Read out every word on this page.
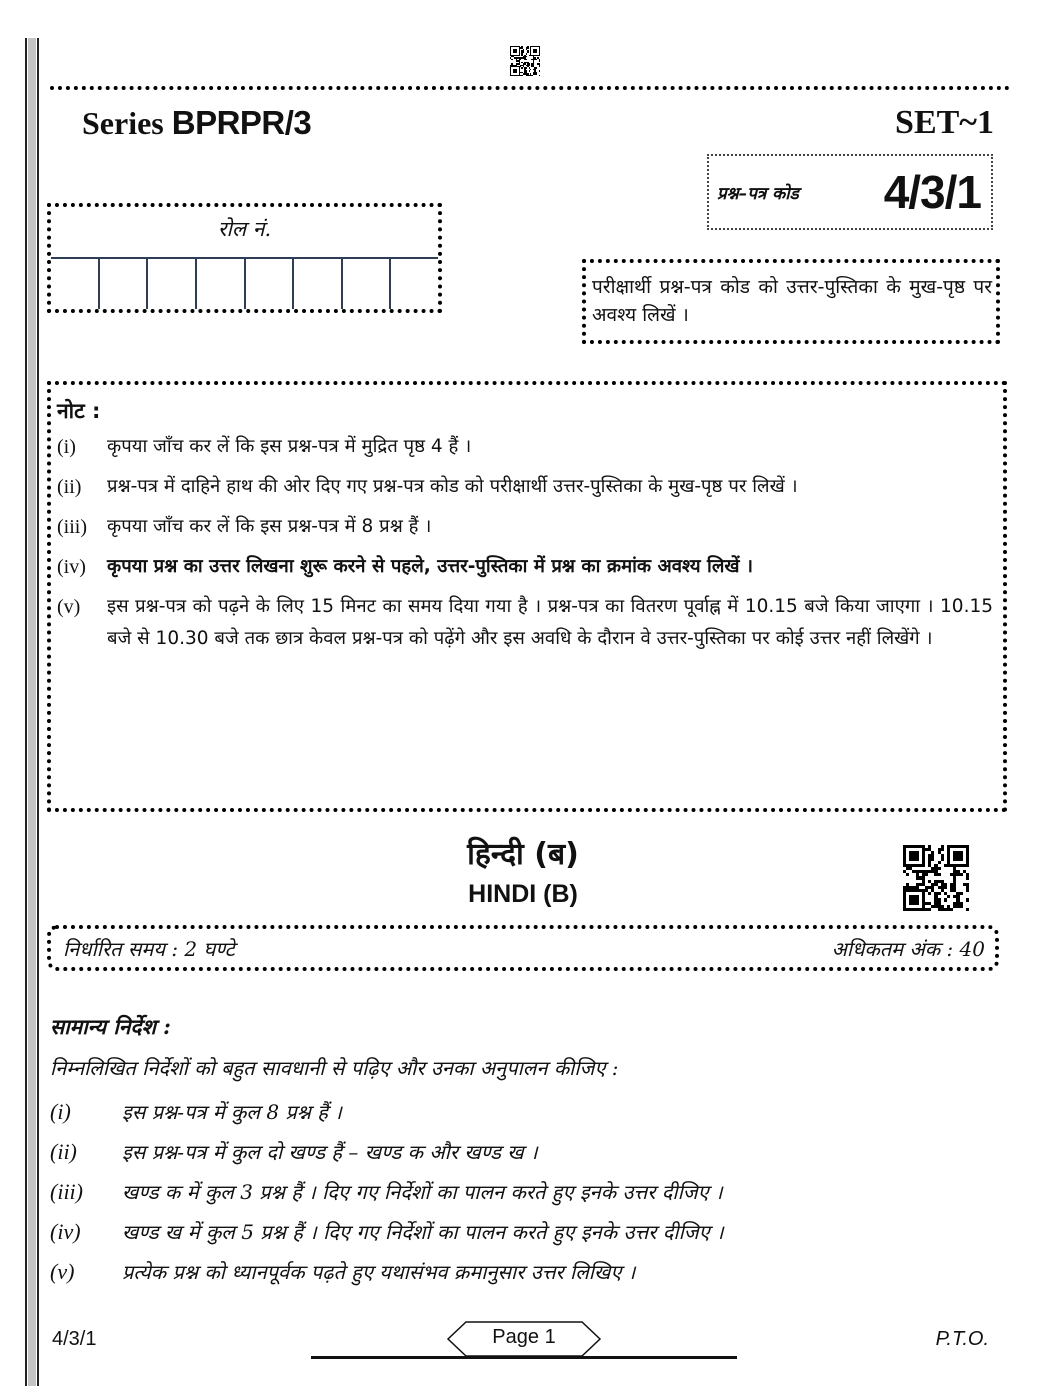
Series BPRPR/3	SET~1
प्रश्न–पत्र कोड 4/3/1
रोल नं.
परीक्षार्थी प्रश्न-पत्र कोड को उत्तर-पुस्तिका के मुख-पृष्ठ पर अवश्य लिखें ।
नोट :
(i)	कृपया जाँच कर लें कि इस प्रश्न-पत्र में मुद्रित पृष्ठ 4 हैं ।
(ii)	प्रश्न-पत्र में दाहिने हाथ की ओर दिए गए प्रश्न-पत्र कोड को परीक्षार्थी उत्तर-पुस्तिका के मुख-पृष्ठ पर लिखें ।
(iii)	कृपया जाँच कर लें कि इस प्रश्न-पत्र में 8 प्रश्न हैं ।
(iv)	कृपया प्रश्न का उत्तर लिखना शुरू करने से पहले, उत्तर-पुस्तिका में प्रश्न का क्रमांक अवश्य लिखें ।
(v)	इस प्रश्न-पत्र को पढ़ने के लिए 15 मिनट का समय दिया गया है । प्रश्न-पत्र का वितरण पूर्वाह्न में 10.15 बजे किया जाएगा । 10.15 बजे से 10.30 बजे तक छात्र केवल प्रश्न-पत्र को पढ़ेंगे और इस अवधि के दौरान वे उत्तर-पुस्तिका पर कोई उत्तर नहीं लिखेंगे ।
हिन्दी (ब)
HINDI (B)
निर्धारित समय : 2 घण्टे	अधिकतम अंक : 40
सामान्य निर्देश :
निम्नलिखित निर्देशों को बहुत सावधानी से पढ़िए और उनका अनुपालन कीजिए :
(i)	इस प्रश्न-पत्र में कुल 8 प्रश्न हैं ।
(ii)	इस प्रश्न-पत्र में कुल दो खण्ड हैं – खण्ड क और खण्ड ख ।
(iii)	खण्ड क में कुल 3 प्रश्न हैं । दिए गए निर्देशों का पालन करते हुए इनके उत्तर दीजिए ।
(iv)	खण्ड ख में कुल 5 प्रश्न हैं । दिए गए निर्देशों का पालन करते हुए इनके उत्तर दीजिए ।
(v)	प्रत्येक प्रश्न को ध्यानपूर्वक पढ़ते हुए यथासंभव क्रमानुसार उत्तर लिखिए ।
4/3/1	Page 1	P.T.O.
